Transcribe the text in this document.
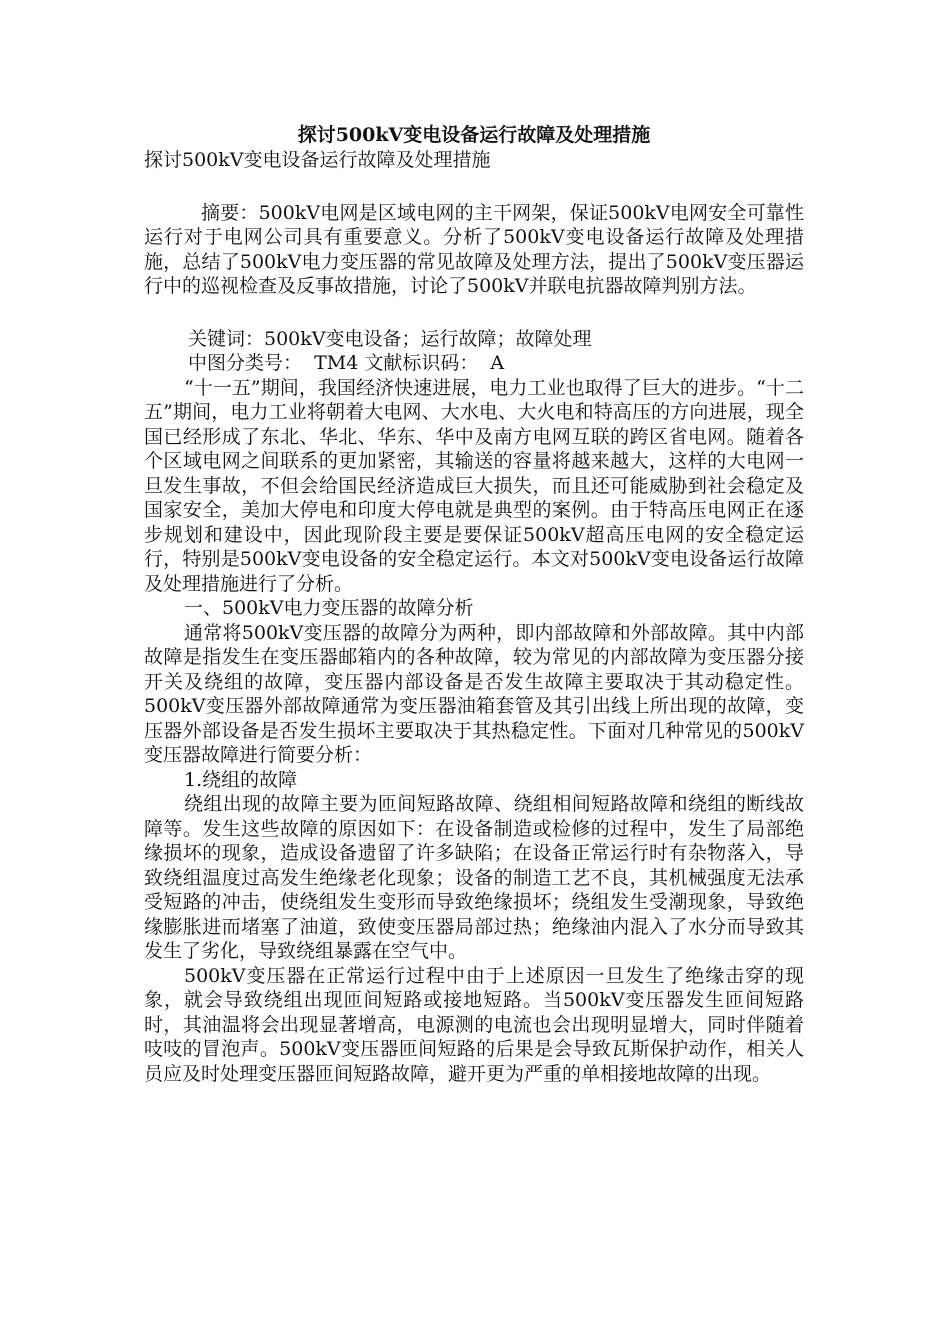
探讨500kV变电设备运行故障及处理措施

探讨500kV变电设备运行故障及处理措施

摘要：500kV电网是区域电网的主干网架，保证500kV电网安全可靠性运行对于电网公司具有重要意义。分析了500kV变电设备运行故障及处理措施，总结了500kV电力变压器的常见故障及处理方法，提出了500kV变压器运行中的巡视检查及反事故措施，讨论了500kV并联电抗器故障判别方法。

关键词：500kV变电设备；运行故障；故障处理

中图分类号：  TM4 文献标识码：  A

“十一五”期间，我国经济快速进展，电力工业也取得了巨大的进步。“十二五”期间，电力工业将朝着大电网、大水电、大火电和特高压的方向进展，现全国已经形成了东北、华北、华东、华中及南方电网互联的跨区省电网。随着各个区域电网之间联系的更加紧密，其输送的容量将越来越大，这样的大电网一旦发生事故，不但会给国民经济造成巨大损失，而且还可能威胁到社会稳定及国家安全，美加大停电和印度大停电就是典型的案例。由于特高压电网正在逐步规划和建设中，因此现阶段主要是要保证500kV超高压电网的安全稳定运行，特别是500kV变电设备的安全稳定运行。本文对500kV变电设备运行故障及处理措施进行了分析。

一、500kV电力变压器的故障分析

通常将500kV变压器的故障分为两种，即内部故障和外部故障。其中内部故障是指发生在变压器邮箱内的各种故障，较为常见的内部故障为变压器分接开关及绕组的故障，变压器内部设备是否发生故障主要取决于其动稳定性。500kV变压器外部故障通常为变压器油箱套管及其引出线上所出现的故障，变压器外部设备是否发生损坏主要取决于其热稳定性。下面对几种常见的500kV变压器故障进行简要分析：

1.绕组的故障

绕组出现的故障主要为匝间短路故障、绕组相间短路故障和绕组的断线故障等。发生这些故障的原因如下：在设备制造或检修的过程中，发生了局部绝缘损坏的现象，造成设备遗留了许多缺陷；在设备正常运行时有杂物落入，导致绕组温度过高发生绝缘老化现象；设备的制造工艺不良，其机械强度无法承受短路的冲击，使绕组发生变形而导致绝缘损坏；绕组发生受潮现象，导致绝缘膨胀进而堵塞了油道，致使变压器局部过热；绝缘油内混入了水分而导致其发生了劣化，导致绕组暴露在空气中。

500kV变压器在正常运行过程中由于上述原因一旦发生了绝缘击穿的现象，就会导致绕组出现匝间短路或接地短路。当500kV变压器发生匝间短路时，其油温将会出现显著增高，电源测的电流也会出现明显增大，同时伴随着吱吱的冒泡声。500kV变压器匝间短路的后果是会导致瓦斯保护动作，相关人员应及时处理变压器匝间短路故障，避开更为严重的单相接地故障的出现。
